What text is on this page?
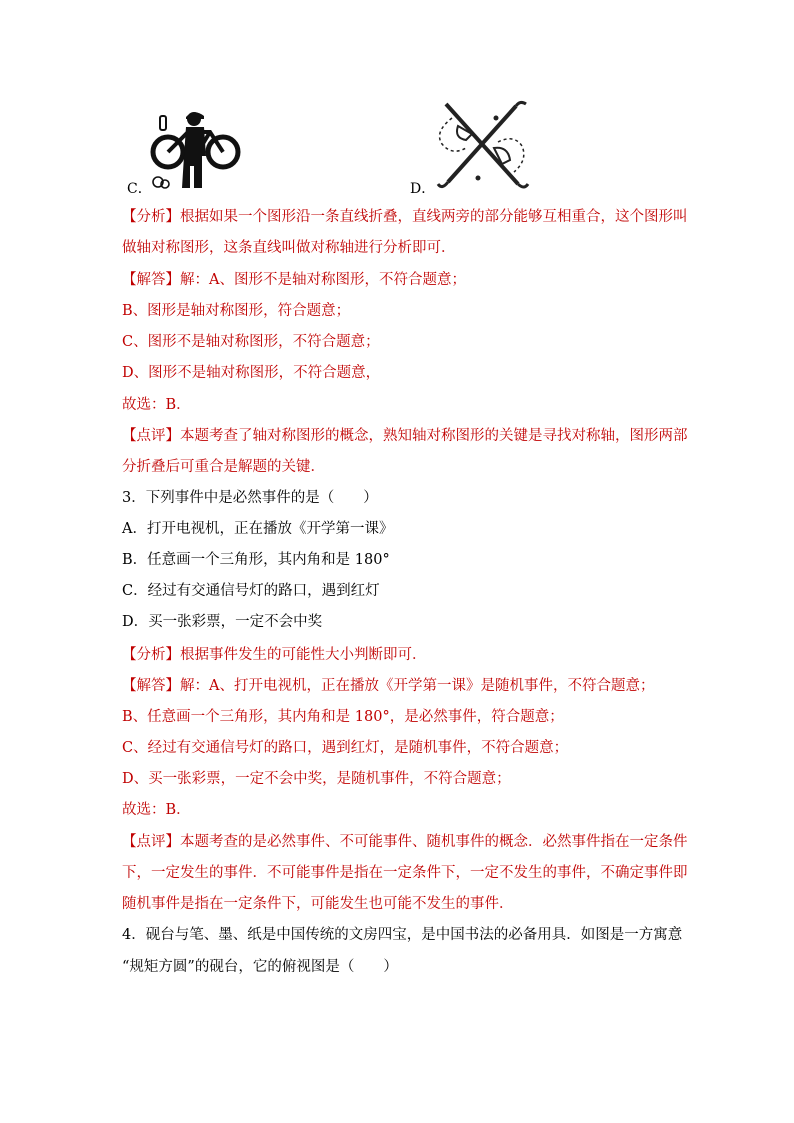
C．	D．
【分析】根据如果一个图形沿一条直线折叠，直线两旁的部分能够互相重合，这个图形叫
做轴对称图形，这条直线叫做对称轴进行分析即可．
【解答】解：A、图形不是轴对称图形，不符合题意；
B、图形是轴对称图形，符合题意；
C、图形不是轴对称图形，不符合题意；
D、图形不是轴对称图形，不符合题意，
故选：B．
【点评】本题考查了轴对称图形的概念，熟知轴对称图形的关键是寻找对称轴，图形两部
分折叠后可重合是解题的关键．
3．下列事件中是必然事件的是（　　）
A．打开电视机，正在播放《开学第一课》
B．任意画一个三角形，其内角和是 180°
C．经过有交通信号灯的路口，遇到红灯
D．买一张彩票，一定不会中奖
【分析】根据事件发生的可能性大小判断即可．
【解答】解：A、打开电视机，正在播放《开学第一课》是随机事件，不符合题意；
B、任意画一个三角形，其内角和是 180°，是必然事件，符合题意；
C、经过有交通信号灯的路口，遇到红灯，是随机事件，不符合题意；
D、买一张彩票，一定不会中奖，是随机事件，不符合题意；
故选：B．
【点评】本题考查的是必然事件、不可能事件、随机事件的概念．必然事件指在一定条件
下，一定发生的事件．不可能事件是指在一定条件下，一定不发生的事件，不确定事件即
随机事件是指在一定条件下，可能发生也可能不发生的事件．
4．砚台与笔、墨、纸是中国传统的文房四宝，是中国书法的必备用具．如图是一方寓意
“规矩方圆”的砚台，它的俯视图是（　　）
